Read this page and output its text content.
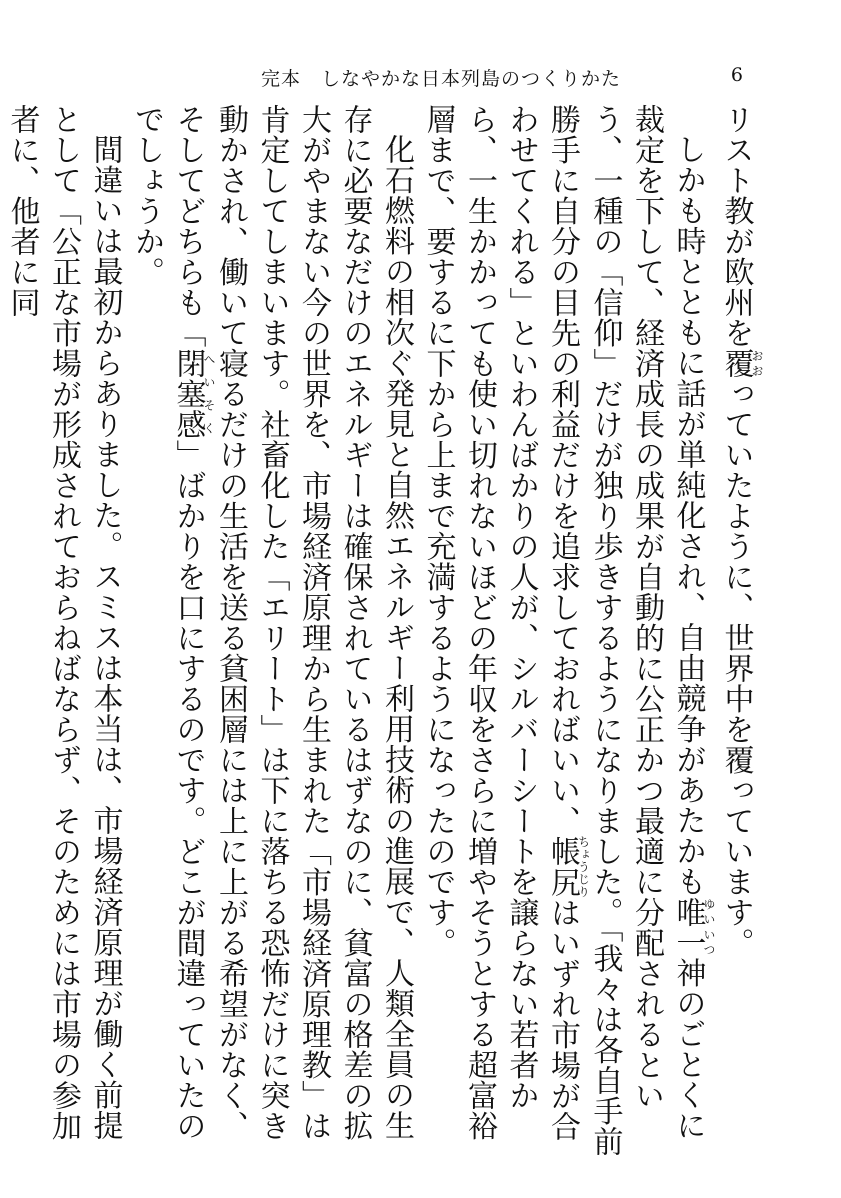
完本　しなやかな日本列島のつくりかた	6

リスト教が欧州を覆おおっていたように、世界中を覆っています。

しかも時とともに話が単純化され、自由競争があたかも唯一ゆいいつ神のごとくに裁定を下して、経済成長の成果が自動的に公正かつ最適に分配されるという、一種の「信仰」だけが独り歩きするようになりました。「我々は各自手前勝手に自分の目先の利益だけを追求しておればいい、帳尻ちょうじりはいずれ市場が合わせてくれる」といわんばかりの人が、シルバーシートを譲らない若者から、一生かかっても使い切れないほどの年収をさらに増やそうとする超富裕層まで、要するに下から上まで充満するようになったのです。

化石燃料の相次ぐ発見と自然エネルギー利用技術の進展で、人類全員の生存に必要なだけのエネルギーは確保されているはずなのに、貧富の格差の拡大がやまない今の世界を、市場経済原理から生まれた「市場経済原理教」は肯定してしまいます。社畜化した「エリート」は下に落ちる恐怖だけに突き動かされ、働いて寝るだけの生活を送る貧困層には上に上がる希望がなく、そしてどちらも「閉塞感へいそく」ばかりを口にするのです。どこが間違っていたのでしょうか。

間違いは最初からありました。スミスは本当は、市場経済原理が働く前提として「公正な市場が形成されておらねばならず、そのためには市場の参加者に、他者に同
